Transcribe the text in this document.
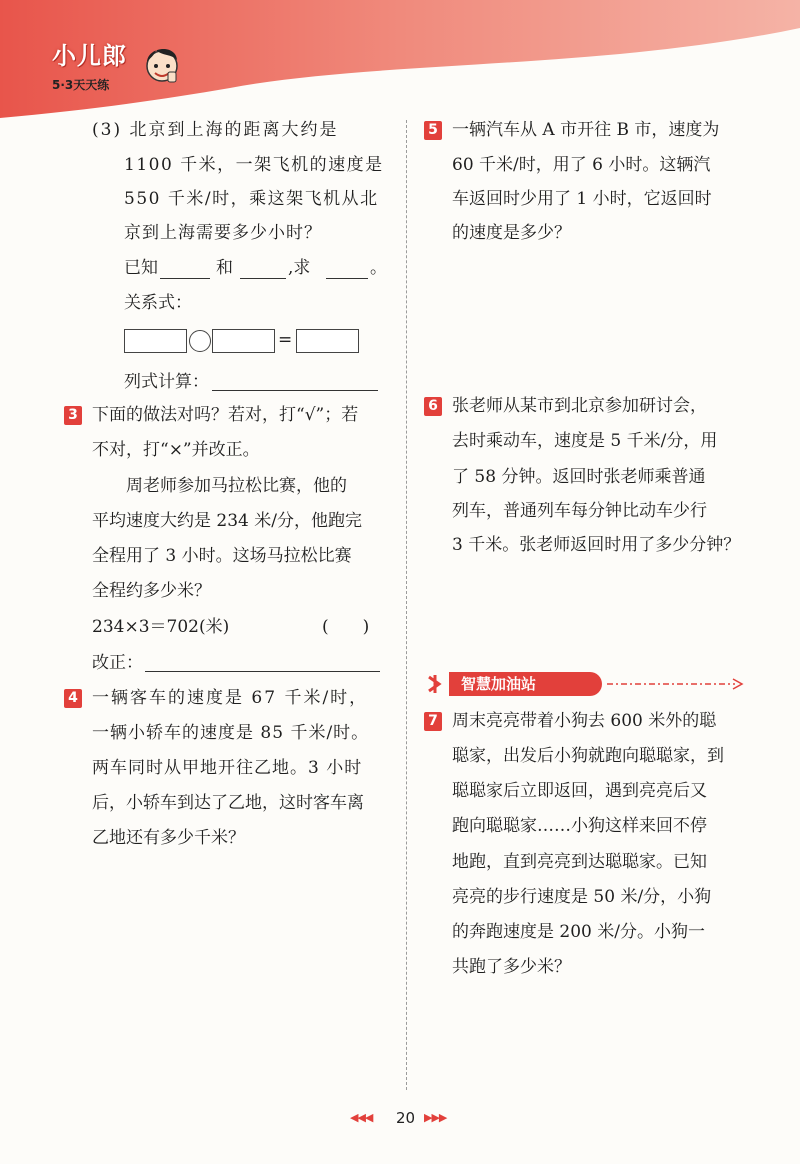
小儿郎
5·3天天练
(3) 北京到上海的距离大约是
1100 千米，一架飞机的速度是
550 千米/时，乘这架飞机从北
京到上海需要多少小时？
已知	和	,求	。
关系式：
=
列式计算：
3 下面的做法对吗？若对，打“√”；若
不对，打“×”并改正。
周老师参加马拉松比赛，他的
平均速度大约是 234 米/分，他跑完
全程用了 3 小时。这场马拉松比赛
全程约多少米？
234×3＝702(米)	(　　)
改正：
4 一辆客车的速度是 67 千米/时，
一辆小轿车的速度是 85 千米/时。
两车同时从甲地开往乙地。3 小时
后，小轿车到达了乙地，这时客车离
乙地还有多少千米？
5 一辆汽车从 A 市开往 B 市，速度为
60 千米/时，用了 6 小时。这辆汽
车返回时少用了 1 小时，它返回时
的速度是多少？
6 张老师从某市到北京参加研讨会，
去时乘动车，速度是 5 千米/分，用
了 58 分钟。返回时张老师乘普通
列车，普通列车每分钟比动车少行
3 千米。张老师返回时用了多少分钟？
智慧加油站
7 周末亮亮带着小狗去 600 米外的聪
聪家，出发后小狗就跑向聪聪家，到
聪聪家后立即返回，遇到亮亮后又
跑向聪聪家……小狗这样来回不停
地跑，直到亮亮到达聪聪家。已知
亮亮的步行速度是 50 米/分，小狗
的奔跑速度是 200 米/分。小狗一
共跑了多少米？
◀◀◀ 20 ▶▶▶
